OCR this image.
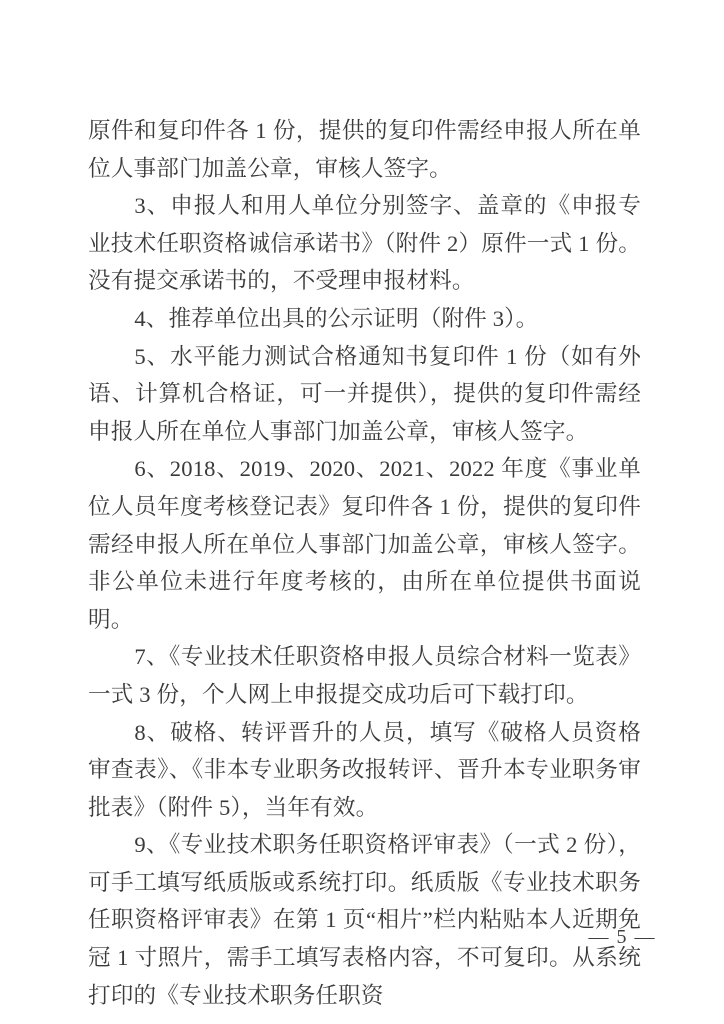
原件和复印件各 1 份，提供的复印件需经申报人所在单位人事部门加盖公章，审核人签字。

3、申报人和用人单位分别签字、盖章的《申报专业技术任职资格诚信承诺书》（附件 2）原件一式 1 份。没有提交承诺书的，不受理申报材料。

4、推荐单位出具的公示证明（附件 3）。

5、水平能力测试合格通知书复印件 1 份（如有外语、计算机合格证，可一并提供），提供的复印件需经申报人所在单位人事部门加盖公章，审核人签字。

6、2018、2019、2020、2021、2022 年度《事业单位人员年度考核登记表》复印件各 1 份，提供的复印件需经申报人所在单位人事部门加盖公章，审核人签字。非公单位未进行年度考核的，由所在单位提供书面说明。

7、《专业技术任职资格申报人员综合材料一览表》一式 3 份，个人网上申报提交成功后可下载打印。

8、破格、转评晋升的人员，填写《破格人员资格审查表》、《非本专业职务改报转评、晋升本专业职务审批表》（附件 5），当年有效。

9、《专业技术职务任职资格评审表》（一式 2 份），可手工填写纸质版或系统打印。纸质版《专业技术职务任职资格评审表》在第 1 页“相片”栏内粘贴本人近期免冠 1 寸照片，需手工填写表格内容，不可复印。从系统打印的《专业技术职务任职资

— 5 —
